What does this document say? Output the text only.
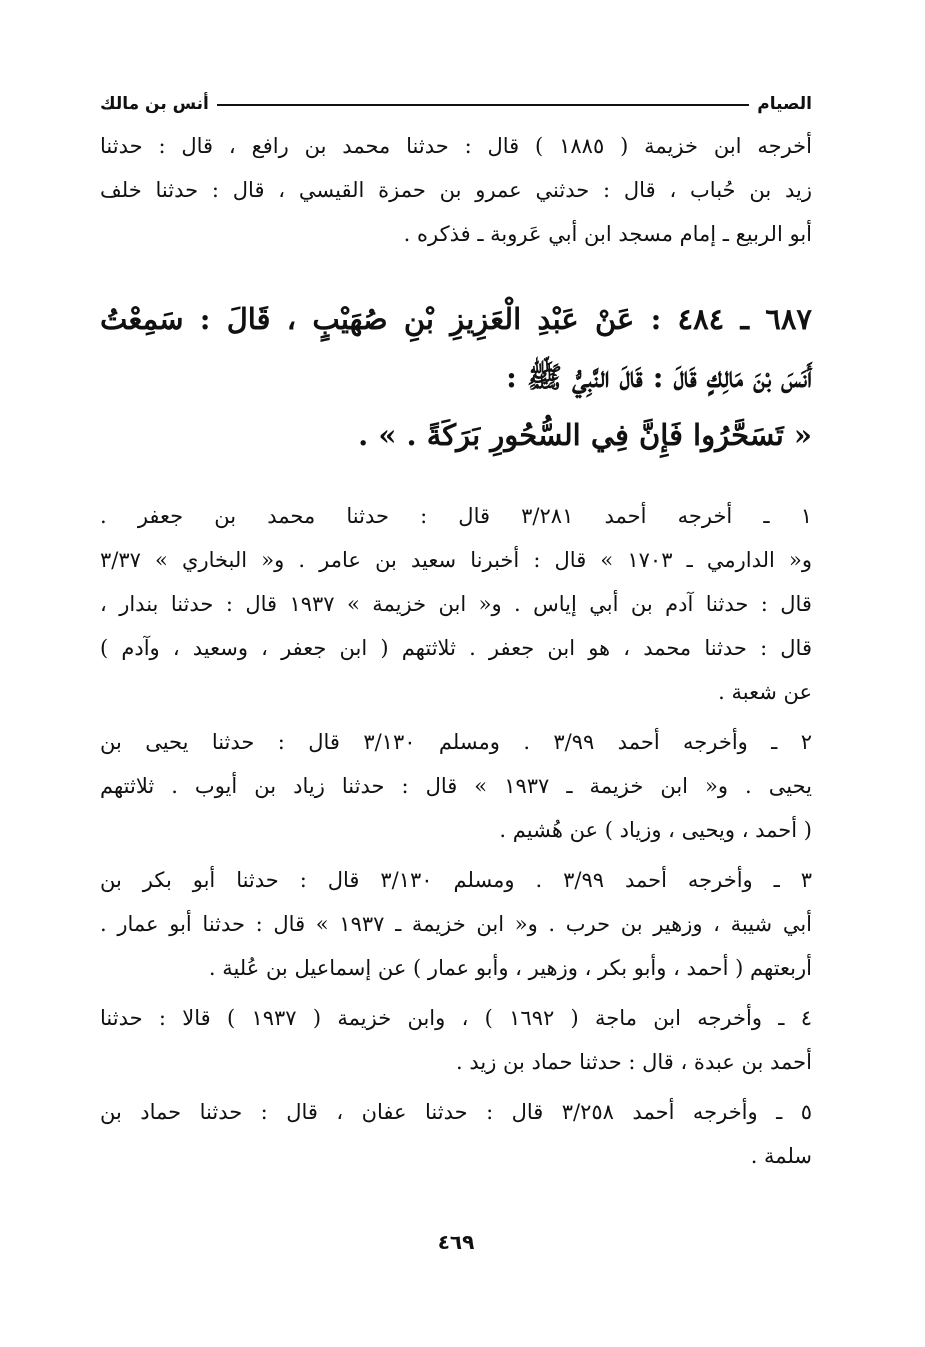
الصيام
أنس بن مالك

أخرجه ابن خزيمة ( ١٨٨٥ ) قال : حدثنا محمد بن رافع ، قال : حدثنا
زيد بن حُباب ، قال : حدثني عمرو بن حمزة القيسي ، قال : حدثنا خلف
أبو الربيع ـ إمام مسجد ابن أبي عَروبة ـ فذكره .

٦٨٧ ـ ٤٨٤ : عَنْ عَبْدِ الْعَزِيزِ بْنِ صُهَيْبٍ ، قَالَ : سَمِعْتُ
أَنَسَ بْنَ مَالِكٍ قَالَ : قَالَ النَّبِيُّ ﷺ :
« تَسَحَّرُوا فَإِنَّ فِي السُّحُورِ بَرَكَةً . » .

١ ـ أخرجه أحمد ٣/٢٨١ قال : حدثنا محمد بن جعفر .
و« الدارمي ـ ١٧٠٣ » قال : أخبرنا سعيد بن عامر . و« البخاري » ٣/٣٧
قال : حدثنا آدم بن أبي إياس . و« ابن خزيمة » ١٩٣٧ قال : حدثنا بندار ،
قال : حدثنا محمد ، هو ابن جعفر . ثلاثتهم ( ابن جعفر ، وسعيد ، وآدم )
عن شعبة .

٢ ـ وأخرجه أحمد ٣/٩٩ . ومسلم ٣/١٣٠ قال : حدثنا يحيى بن
يحيى . و« ابن خزيمة ـ ١٩٣٧ » قال : حدثنا زياد بن أيوب . ثلاثتهم
( أحمد ، ويحيى ، وزياد ) عن هُشيم .

٣ ـ وأخرجه أحمد ٣/٩٩ . ومسلم ٣/١٣٠ قال : حدثنا أبو بكر بن
أبي شيبة ، وزهير بن حرب . و« ابن خزيمة ـ ١٩٣٧ » قال : حدثنا أبو عمار .
أربعتهم ( أحمد ، وأبو بكر ، وزهير ، وأبو عمار ) عن إسماعيل بن عُلية .

٤ ـ وأخرجه ابن ماجة ( ١٦٩٢ ) ، وابن خزيمة ( ١٩٣٧ ) قالا : حدثنا
أحمد بن عبدة ، قال : حدثنا حماد بن زيد .

٥ ـ وأخرجه أحمد ٣/٢٥٨ قال : حدثنا عفان ، قال : حدثنا حماد بن
سلمة .

٤٦٩
